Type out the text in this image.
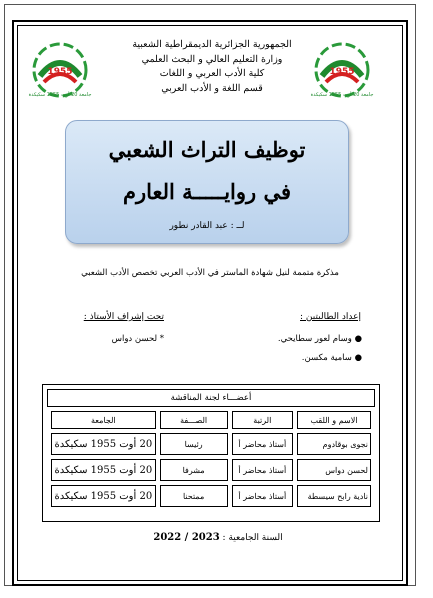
1955
جامعة 20 أوت 1955 سكيكدة
1955
جامعة 20 أوت 1955 سكيكدة
الجمهورية الجزائرية الديمقراطية الشعبية
وزارة التعليم العالي و البحث العلمي
كلية الأدب العربي و اللغات
قسم اللغة و الأدب العربي
توظيف التراث الشعبي
في روايـــــة العارم
لــ : عبد القادر نطور
مذكرة متممة لنيل شهادة الماستر في الأدب العربي تخصص الأدب الشعبي
إعداد الطالبتين :
تحت إشراف الأستاذ :
● وسام لعور سطايحي.
● سامية مكسن.
* لحسن دواس
أعضـــاء لجنة المناقشة
الاسم و اللقب	الرتبة	الصـــفة	الجامعة
نجوى بوقادوم	أستاذ محاضر أ	رئيسا	20 أوت 1955 سكيكدة
لحسن دواس	أستاذ محاضر أ	مشرفا	20 أوت 1955 سكيكدة
نادية رابح سيسطة	أستاذ محاضر أ	ممتحنا	20 أوت 1955 سكيكدة
السنة الجامعية : 2023 / 2022
